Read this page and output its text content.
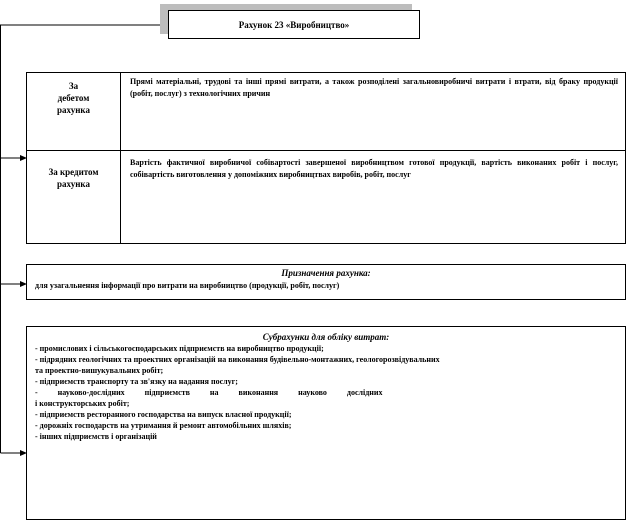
Рахунок 23 «Виробництво»
За
дебетом
рахунка
Прямі матеріальні, трудові та інші прямі витрати, а також розподілені загальновиробничі витрати і втрати, від браку продукції (робіт, послуг) з технологічних причин
За кредитом
рахунка
Вартість фактичної виробничої собівартості завершеної виробництвом готової продукції, вартість виконаних робіт і послуг, собівартість виготовлення у допоміжних виробництвах виробів, робіт, послуг
Призначення рахунка:
для узагальнення інформації про витрати на виробництво (продукції, робіт, послуг)
Субрахунки для обліку витрат:
- промислових і сільськогосподарських підприємств на виробництво продукції;
- підрядних геологічних та проектних організацій на виконання будівельно-монтажних, геологорозвідувальних
та проектно-вишукувальних робіт;
- підприємств транспорту та зв'язку на надання послуг;
-          науково-дослідних          підприємств          на          виконання          науково          дослідних
і конструкторських робіт;
- підприємств ресторанного господарства на випуск власної продукції;
- дорожніх господарств на утримання й ремонт автомобільних шляхів;
- інших підприємств і організацій
